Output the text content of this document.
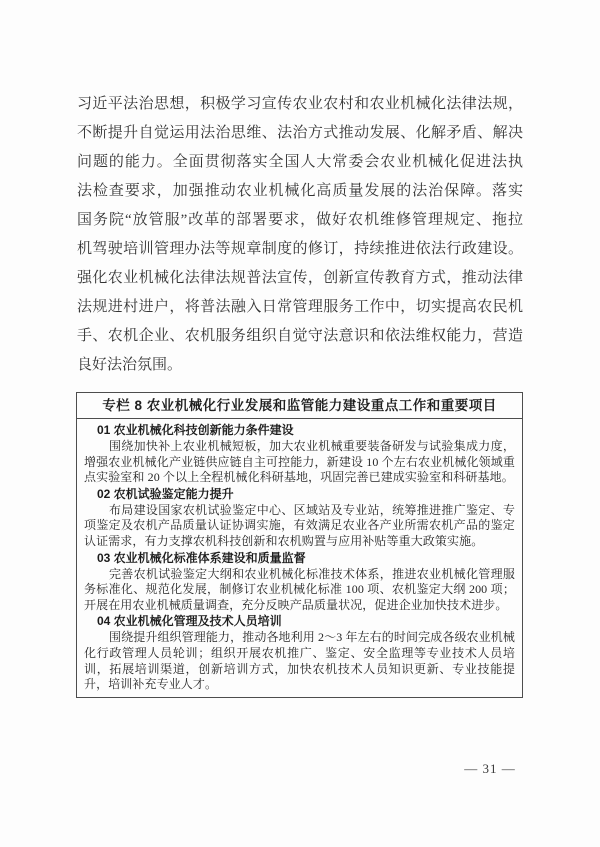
习近平法治思想，积极学习宣传农业农村和农业机械化法律法规，
不断提升自觉运用法治思维、法治方式推动发展、化解矛盾、解决
问题的能力。全面贯彻落实全国人大常委会农业机械化促进法执
法检查要求，加强推动农业机械化高质量发展的法治保障。落实
国务院“放管服”改革的部署要求，做好农机维修管理规定、拖拉
机驾驶培训管理办法等规章制度的修订，持续推进依法行政建设。
强化农业机械化法律法规普法宣传，创新宣传教育方式，推动法律
法规进村进户，将普法融入日常管理服务工作中，切实提高农民机
手、农机企业、农机服务组织自觉守法意识和依法维权能力，营造
良好法治氛围。
专栏 8 农业机械化行业发展和监管能力建设重点工作和重要项目
01 农业机械化科技创新能力条件建设
围绕加快补上农业机械短板，加大农业机械重要装备研发与试验集成力度，增强农业机械化产业链供应链自主可控能力，新建设 10 个左右农业机械化领域重点实验室和 20 个以上全程机械化科研基地，巩固完善已建成实验室和科研基地。
02 农机试验鉴定能力提升
布局建设国家农机试验鉴定中心、区域站及专业站，统筹推进推广鉴定、专项鉴定及农机产品质量认证协调实施，有效满足农业各产业所需农机产品的鉴定认证需求，有力支撑农机科技创新和农机购置与应用补贴等重大政策实施。
03 农业机械化标准体系建设和质量监督
完善农机试验鉴定大纲和农业机械化标准技术体系，推进农业机械化管理服务标准化、规范化发展，制修订农业机械化标准 100 项、农机鉴定大纲 200 项；开展在用农业机械质量调查，充分反映产品质量状况，促进企业加快技术进步。
04 农业机械化管理及技术人员培训
围绕提升组织管理能力，推动各地利用 2～3 年左右的时间完成各级农业机械化行政管理人员轮训；组织开展农机推广、鉴定、安全监理等专业技术人员培训，拓展培训渠道，创新培训方式，加快农机技术人员知识更新、专业技能提升，培训补充专业人才。
— 31 —
